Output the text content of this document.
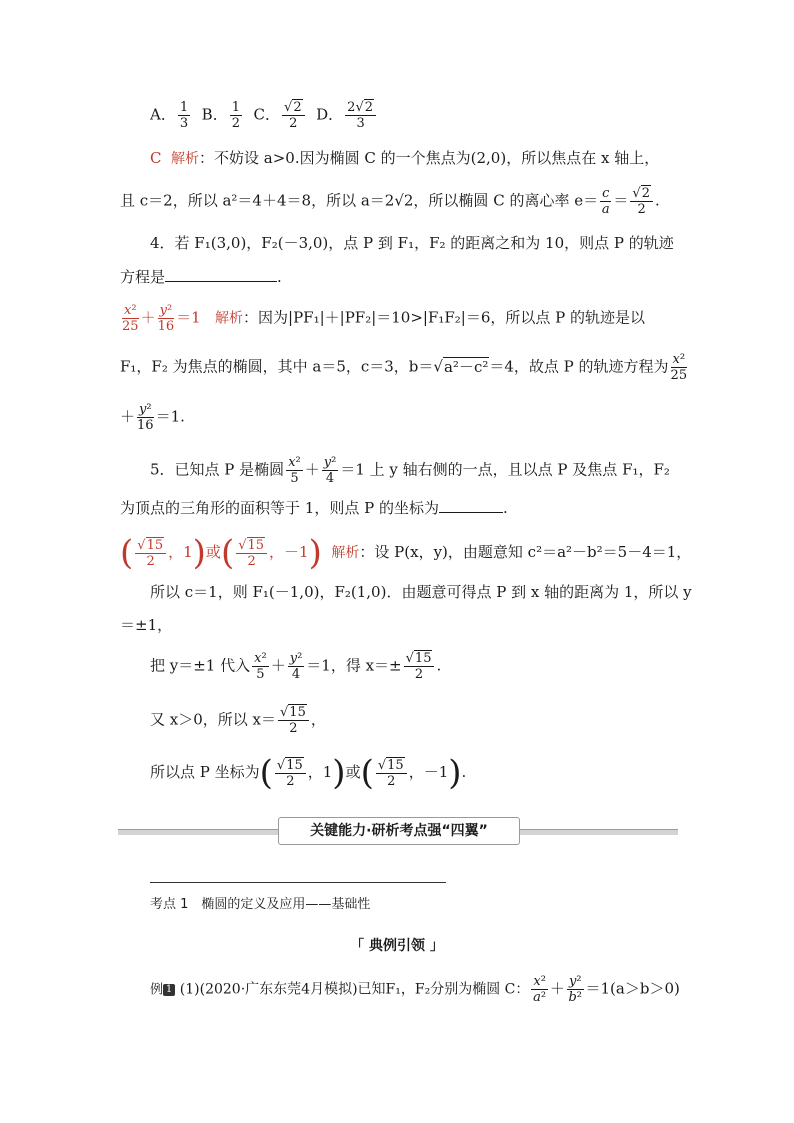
A． $\frac{1}{3}$ B． $\frac{1}{2}$ C． $\frac{√2}{2}$ D． $\frac{2√2}{3}$
C 解析：不妨设 a>0.因为椭圆 C 的一个焦点为(2,0)，所以焦点在 x 轴上，
且 c＝2，所以 a²＝4＋4＝8，所以 a＝2√2，所以椭圆 C 的离心率 $e= \frac{c}{a} = \frac{√2}{2}$ .
4．若 F₁(3,0)，F₂(－3,0)，点 P 到 F₁，F₂ 的距离之和为 10，则点 P 的轨迹
方程是	.
$\frac{\text{x²}}{25} + \frac{\text{y²}}{16} =1$ 解析：因为|PF₁|＋|PF₂|＝10>|F₁F₂|＝6，所以点 P 的轨迹是以
F₁，F₂ 为焦点的椭圆，其中 a＝5，c＝3，b＝√a²－c²＝4，故点 P 的轨迹方程为 $\frac{\text{x²}}{25}$
＋ $\frac{\text{y²}}{16} =1$.
5．已知点 P 是椭圆 $\frac{\text{x²}}{5} + \frac{\text{y²}}{4} =1$ 上 y 轴右侧的一点，且以点 P 及焦点 F₁，F₂
为顶点的三角形的面积等于 1，则点 P 的坐标为	.
( $\frac{√15}{2}$ ，1)或( $\frac{√15}{2}$ ，－1) 解析：设 P(x，y)，由题意知 c²＝a²－b²＝5－4＝1，
所以 c＝1，则 F₁(－1,0)，F₂(1,0)．由题意可得点 P 到 x 轴的距离为 1，所以 y
＝±1，
把 y＝±1 代入 $\frac{\text{x²}}{5} + \frac{\text{y²}}{4} =1$，得 $x=\pm \frac{√15}{2}$ .
又 x＞0，所以 $x= \frac{√15}{2}$ ，
所以点 P 坐标为( $\frac{√15}{2}$ ，1)或( $\frac{√15}{2}$ ，－1).
关键能力·研析考点强“四翼”
考点 1　椭圆的定义及应用——基础性
「 典例引领 」
例 1 (1)(2020·广东东莞4月模拟)已知F₁，F₂分别为椭圆 C： $\frac{\text{x²}}{\text{a²}} + \frac{\text{y²}}{\text{b²}} =1(a>b>0)$
